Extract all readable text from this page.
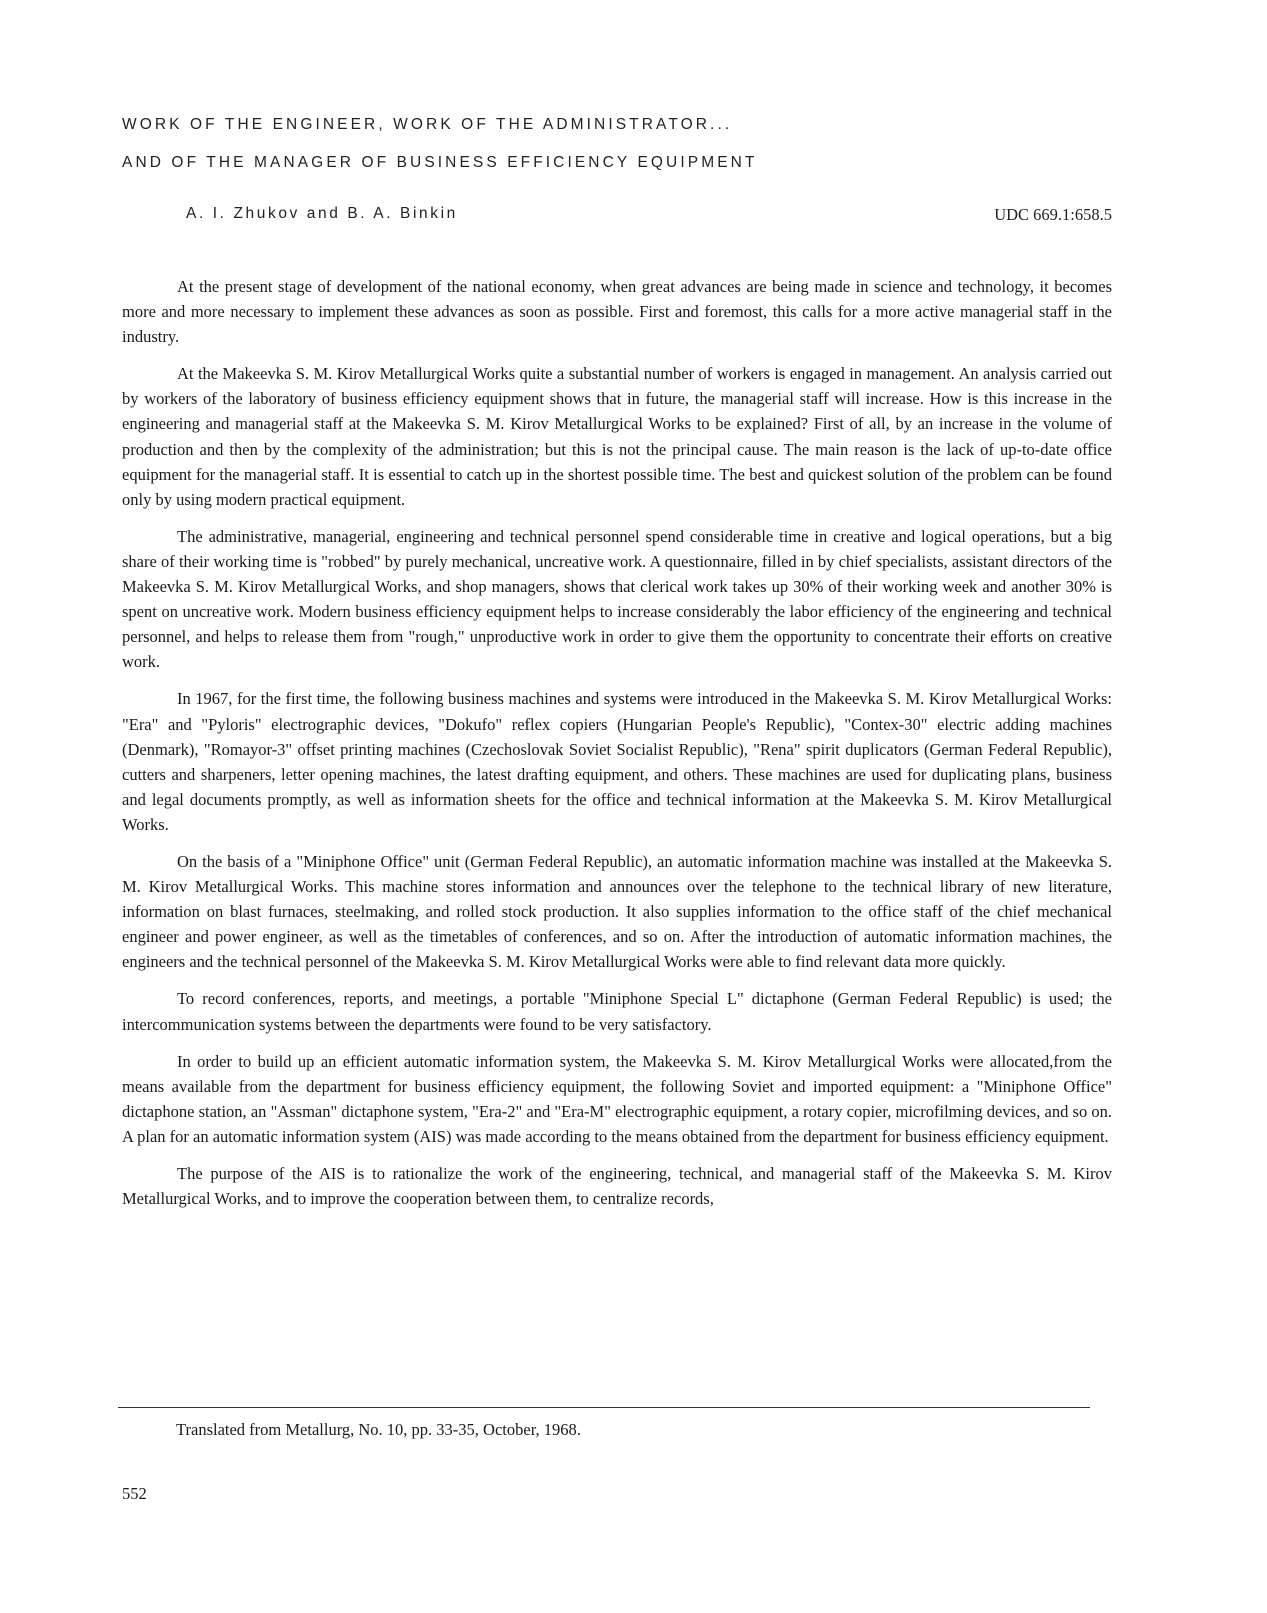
WORK OF THE ENGINEER, WORK OF THE ADMINISTRATOR...
AND OF THE MANAGER OF BUSINESS EFFICIENCY EQUIPMENT
A. I. Zhukov and B. A. Binkin	UDC 669.1:658.5

At the present stage of development of the national economy, when great advances are being made in science and technology, it becomes more and more necessary to implement these advances as soon as possible. First and foremost, this calls for a more active managerial staff in the industry.

At the Makeevka S. M. Kirov Metallurgical Works quite a substantial number of workers is engaged in management. An analysis carried out by workers of the laboratory of business efficiency equipment shows that in future, the managerial staff will increase. How is this increase in the engineering and managerial staff at the Makeevka S. M. Kirov Metallurgical Works to be explained? First of all, by an increase in the volume of production and then by the complexity of the administration; but this is not the principal cause. The main reason is the lack of up-to-date office equipment for the managerial staff. It is essential to catch up in the shortest possible time. The best and quickest solution of the problem can be found only by using modern practical equipment.

The administrative, managerial, engineering and technical personnel spend considerable time in creative and logical operations, but a big share of their working time is "robbed" by purely mechanical, uncreative work. A questionnaire, filled in by chief specialists, assistant directors of the Makeevka S. M. Kirov Metallurgical Works, and shop managers, shows that clerical work takes up 30% of their working week and another 30% is spent on uncreative work. Modern business efficiency equipment helps to increase considerably the labor efficiency of the engineering and technical personnel, and helps to release them from "rough," unproductive work in order to give them the opportunity to concentrate their efforts on creative work.

In 1967, for the first time, the following business machines and systems were introduced in the Makeevka S. M. Kirov Metallurgical Works: "Era" and "Pyloris" electrographic devices, "Dokufo" reflex copiers (Hungarian People's Republic), "Contex-30" electric adding machines (Denmark), "Romayor-3" offset printing machines (Czechoslovak Soviet Socialist Republic), "Rena" spirit duplicators (German Federal Republic), cutters and sharpeners, letter opening machines, the latest drafting equipment, and others. These machines are used for duplicating plans, business and legal documents promptly, as well as information sheets for the office and technical information at the Makeevka S. M. Kirov Metallurgical Works.

On the basis of a "Miniphone Office" unit (German Federal Republic), an automatic information machine was installed at the Makeevka S. M. Kirov Metallurgical Works. This machine stores information and announces over the telephone to the technical library of new literature, information on blast furnaces, steelmaking, and rolled stock production. It also supplies information to the office staff of the chief mechanical engineer and power engineer, as well as the timetables of conferences, and so on. After the introduction of automatic information machines, the engineers and the technical personnel of the Makeevka S. M. Kirov Metallurgical Works were able to find relevant data more quickly.

To record conferences, reports, and meetings, a portable "Miniphone Special L" dictaphone (German Federal Republic) is used; the intercommunication systems between the departments were found to be very satisfactory.

In order to build up an efficient automatic information system, the Makeevka S. M. Kirov Metallurgical Works were allocated,from the means available from the department for business efficiency equipment, the following Soviet and imported equipment: a "Miniphone Office" dictaphone station, an "Assman" dictaphone system, "Era-2" and "Era-M" electrographic equipment, a rotary copier, microfilming devices, and so on. A plan for an automatic information system (AIS) was made according to the means obtained from the department for business efficiency equipment.

The purpose of the AIS is to rationalize the work of the engineering, technical, and managerial staff of the Makeevka S. M. Kirov Metallurgical Works, and to improve the cooperation between them, to centralize records,

Translated from Metallurg, No. 10, pp. 33-35, October, 1968.
552
